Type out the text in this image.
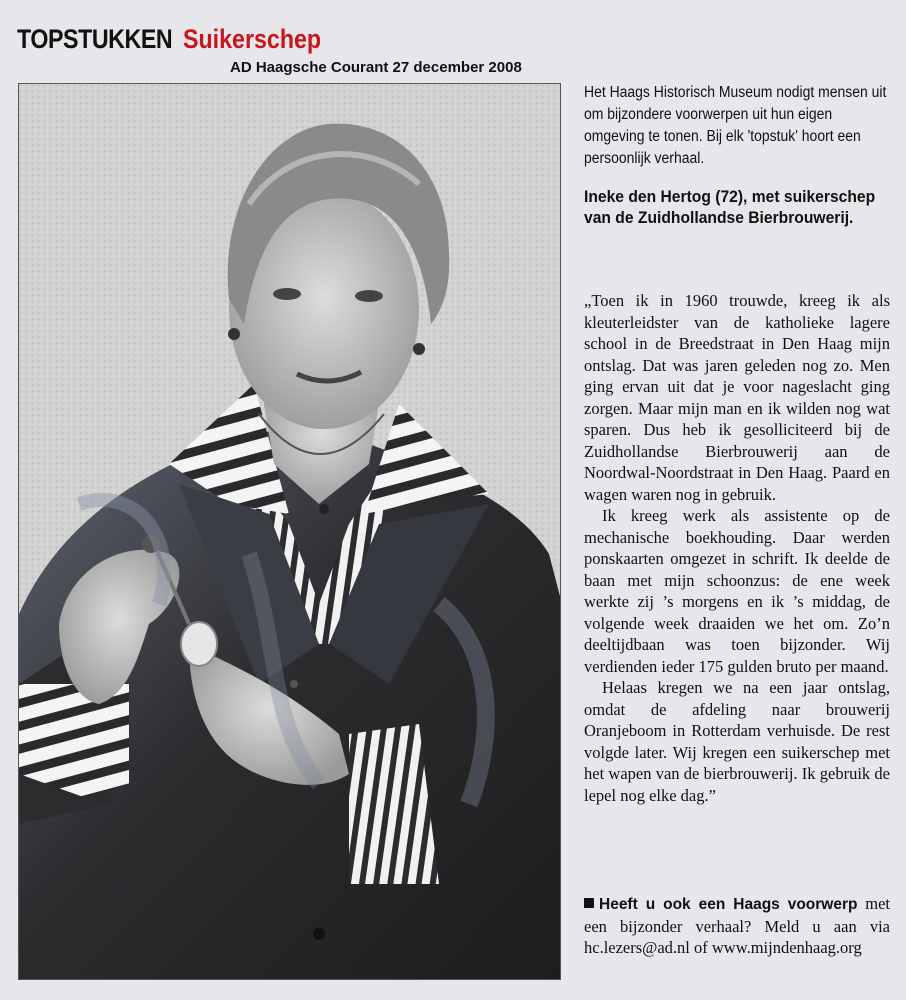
TOPSTUKKEN Suikerschep
AD Haagsche Courant 27 december 2008
Het Haags Historisch Museum nodigt mensen uit om bijzondere voorwerpen uit hun eigen omgeving te tonen. Bij elk 'topstuk' hoort een persoonlijk verhaal.
Ineke den Hertog (72), met suikerschep van de Zuidhollandse Bierbrouwerij.

„Toen ik in 1960 trouwde, kreeg ik als kleuterleidster van de katholieke lagere school in de Breedstraat in Den Haag mijn ontslag. Dat was jaren geleden nog zo. Men ging ervan uit dat je voor nageslacht ging zorgen. Maar mijn man en ik wilden nog wat sparen. Dus heb ik gesolliciteerd bij de Zuidhollandse Bierbrouwerij aan de Noordwal-Noordstraat in Den Haag. Paard en wagen waren nog in gebruik.

Ik kreeg werk als assistente op de mechanische boekhouding. Daar werden ponskaarten omgezet in schrift. Ik deelde de baan met mijn schoonzus: de ene week werkte zij ’s morgens en ik ’s middag, de volgende week draaiden we het om. Zo’n deeltijdbaan was toen bijzonder. Wij verdienden ieder 175 gulden bruto per maand.

Helaas kregen we na een jaar ontslag, omdat de afdeling naar brouwerij Oranjeboom in Rotterdam verhuisde. De rest volgde later. Wij kregen een suikerschep met het wapen van de bierbrouwerij. Ik gebruik de lepel nog elke dag.”

Heeft u ook een Haags voorwerp met een bijzonder verhaal? Meld u aan via hc.lezers@ad.nl of www.mijndenhaag.org
